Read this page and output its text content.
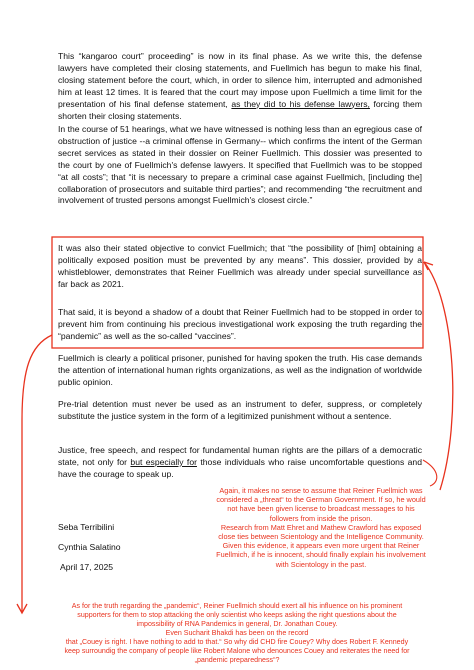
This “kangaroo court” proceeding” is now in its final phase. As we write this, the defense lawyers have completed their closing statements, and Fuellmich has begun to make his final, closing statement before the court, which, in order to silence him, interrupted and admonished him at least 12 times. It is feared that the court may impose upon Fuellmich a time limit for the presentation of his final defense statement, as they did to his defense lawyers, forcing them shorten their closing statements.

In the course of 51 hearings, what we have witnessed is nothing less than an egregious case of obstruction of justice --a criminal offense in Germany-- which confirms the intent of the German secret services as stated in their dossier on Reiner Fuellmich. This dossier was presented to the court by one of Fuellmich's defense lawyers. It specified that Fuellmich was to be stopped “at all costs”; that “it is necessary to prepare a criminal case against Fuellmich, [including the] collaboration of prosecutors and suitable third parties”; and recommending “the recruitment and involvement of trusted persons amongst Fuellmich's closest circle.”

It was also their stated objective to convict Fuellmich; that “the possibility of [him] obtaining a politically exposed position must be prevented by any means”. This dossier, provided by a whistleblower, demonstrates that Reiner Fuellmich was already under special surveillance as far back as 2021.

That said, it is beyond a shadow of a doubt that Reiner Fuellmich had to be stopped in order to prevent him from continuing his precious investigational work exposing the truth regarding the “pandemic” as well as the so-called “vaccines”.

Fuellmich is clearly a political prisoner, punished for having spoken the truth. His case demands the attention of international human rights organizations, as well as the indignation of worldwide public opinion.

Pre-trial detention must never be used as an instrument to defer, suppress, or completely substitute the justice system in the form of a legitimized punishment without a sentence.

Justice, free speech, and respect for fundamental human rights are the pillars of a democratic state, not only for but especially for those individuals who raise uncomfortable questions and have the courage to speak up.

Seba Terribilini

Cynthia Salatino

April 17, 2025

Again, it makes no sense to assume that Reiner Fuellmich was
considered a „threat“ to the German Government. If so, he would
not have been given license to broadcast messages to his
followers from inside the prison.
Research from Matt Ehret and Mathew Crawford has exposed
close ties between Scientology and the Intelligence Community.
Given this evidence, it appears even more urgent that Reiner
Fuellmich, if he is innocent, should finally explain his involvement
with Scientology in the past.
As for the truth regarding the „pandemic“, Reiner Fuellmich should exert all his influence on his prominent
supporters for them to stop attacking the only scientist who keeps asking the right questions about the
impossibility of RNA Pandemics in general, Dr. Jonathan Couey.
Even Sucharit Bhakdi has been on the record
that „Couey is right. I have nothing to add to that.“ So why did CHD fire Couey? Why does Robert F. Kennedy
keep surroundig the company of people like Robert Malone who denounces Couey and reiterates the need for
„pandemic preparedness“?
